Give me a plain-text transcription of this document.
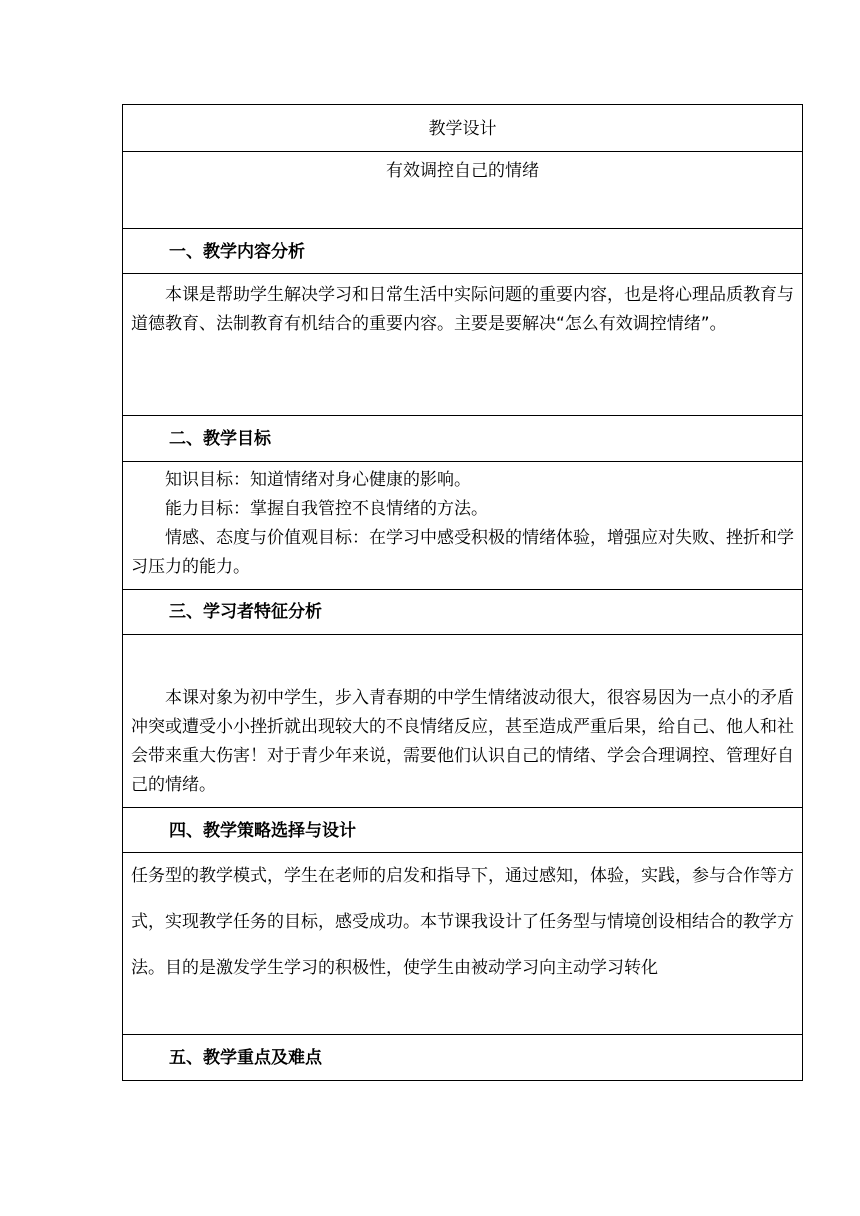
教学设计
有效调控自己的情绪
一、教学内容分析

本课是帮助学生解决学习和日常生活中实际问题的重要内容，也是将心理品质教育与道德教育、法制教育有机结合的重要内容。主要是要解决“怎么有效调控情绪”。

二、教学目标

知识目标：知道情绪对身心健康的影响。

能力目标：掌握自我管控不良情绪的方法。

情感、态度与价值观目标：在学习中感受积极的情绪体验，增强应对失败、挫折和学习压力的能力。

三、学习者特征分析

本课对象为初中学生，步入青春期的中学生情绪波动很大，很容易因为一点小的矛盾冲突或遭受小小挫折就出现较大的不良情绪反应，甚至造成严重后果，给自己、他人和社会带来重大伤害！对于青少年来说，需要他们认识自己的情绪、学会合理调控、管理好自己的情绪。

四、教学策略选择与设计

任务型的教学模式，学生在老师的启发和指导下，通过感知，体验，实践，参与合作等方式，实现教学任务的目标，感受成功。本节课我设计了任务型与情境创设相结合的教学方法。目的是激发学生学习的积极性，使学生由被动学习向主动学习转化

五、教学重点及难点
